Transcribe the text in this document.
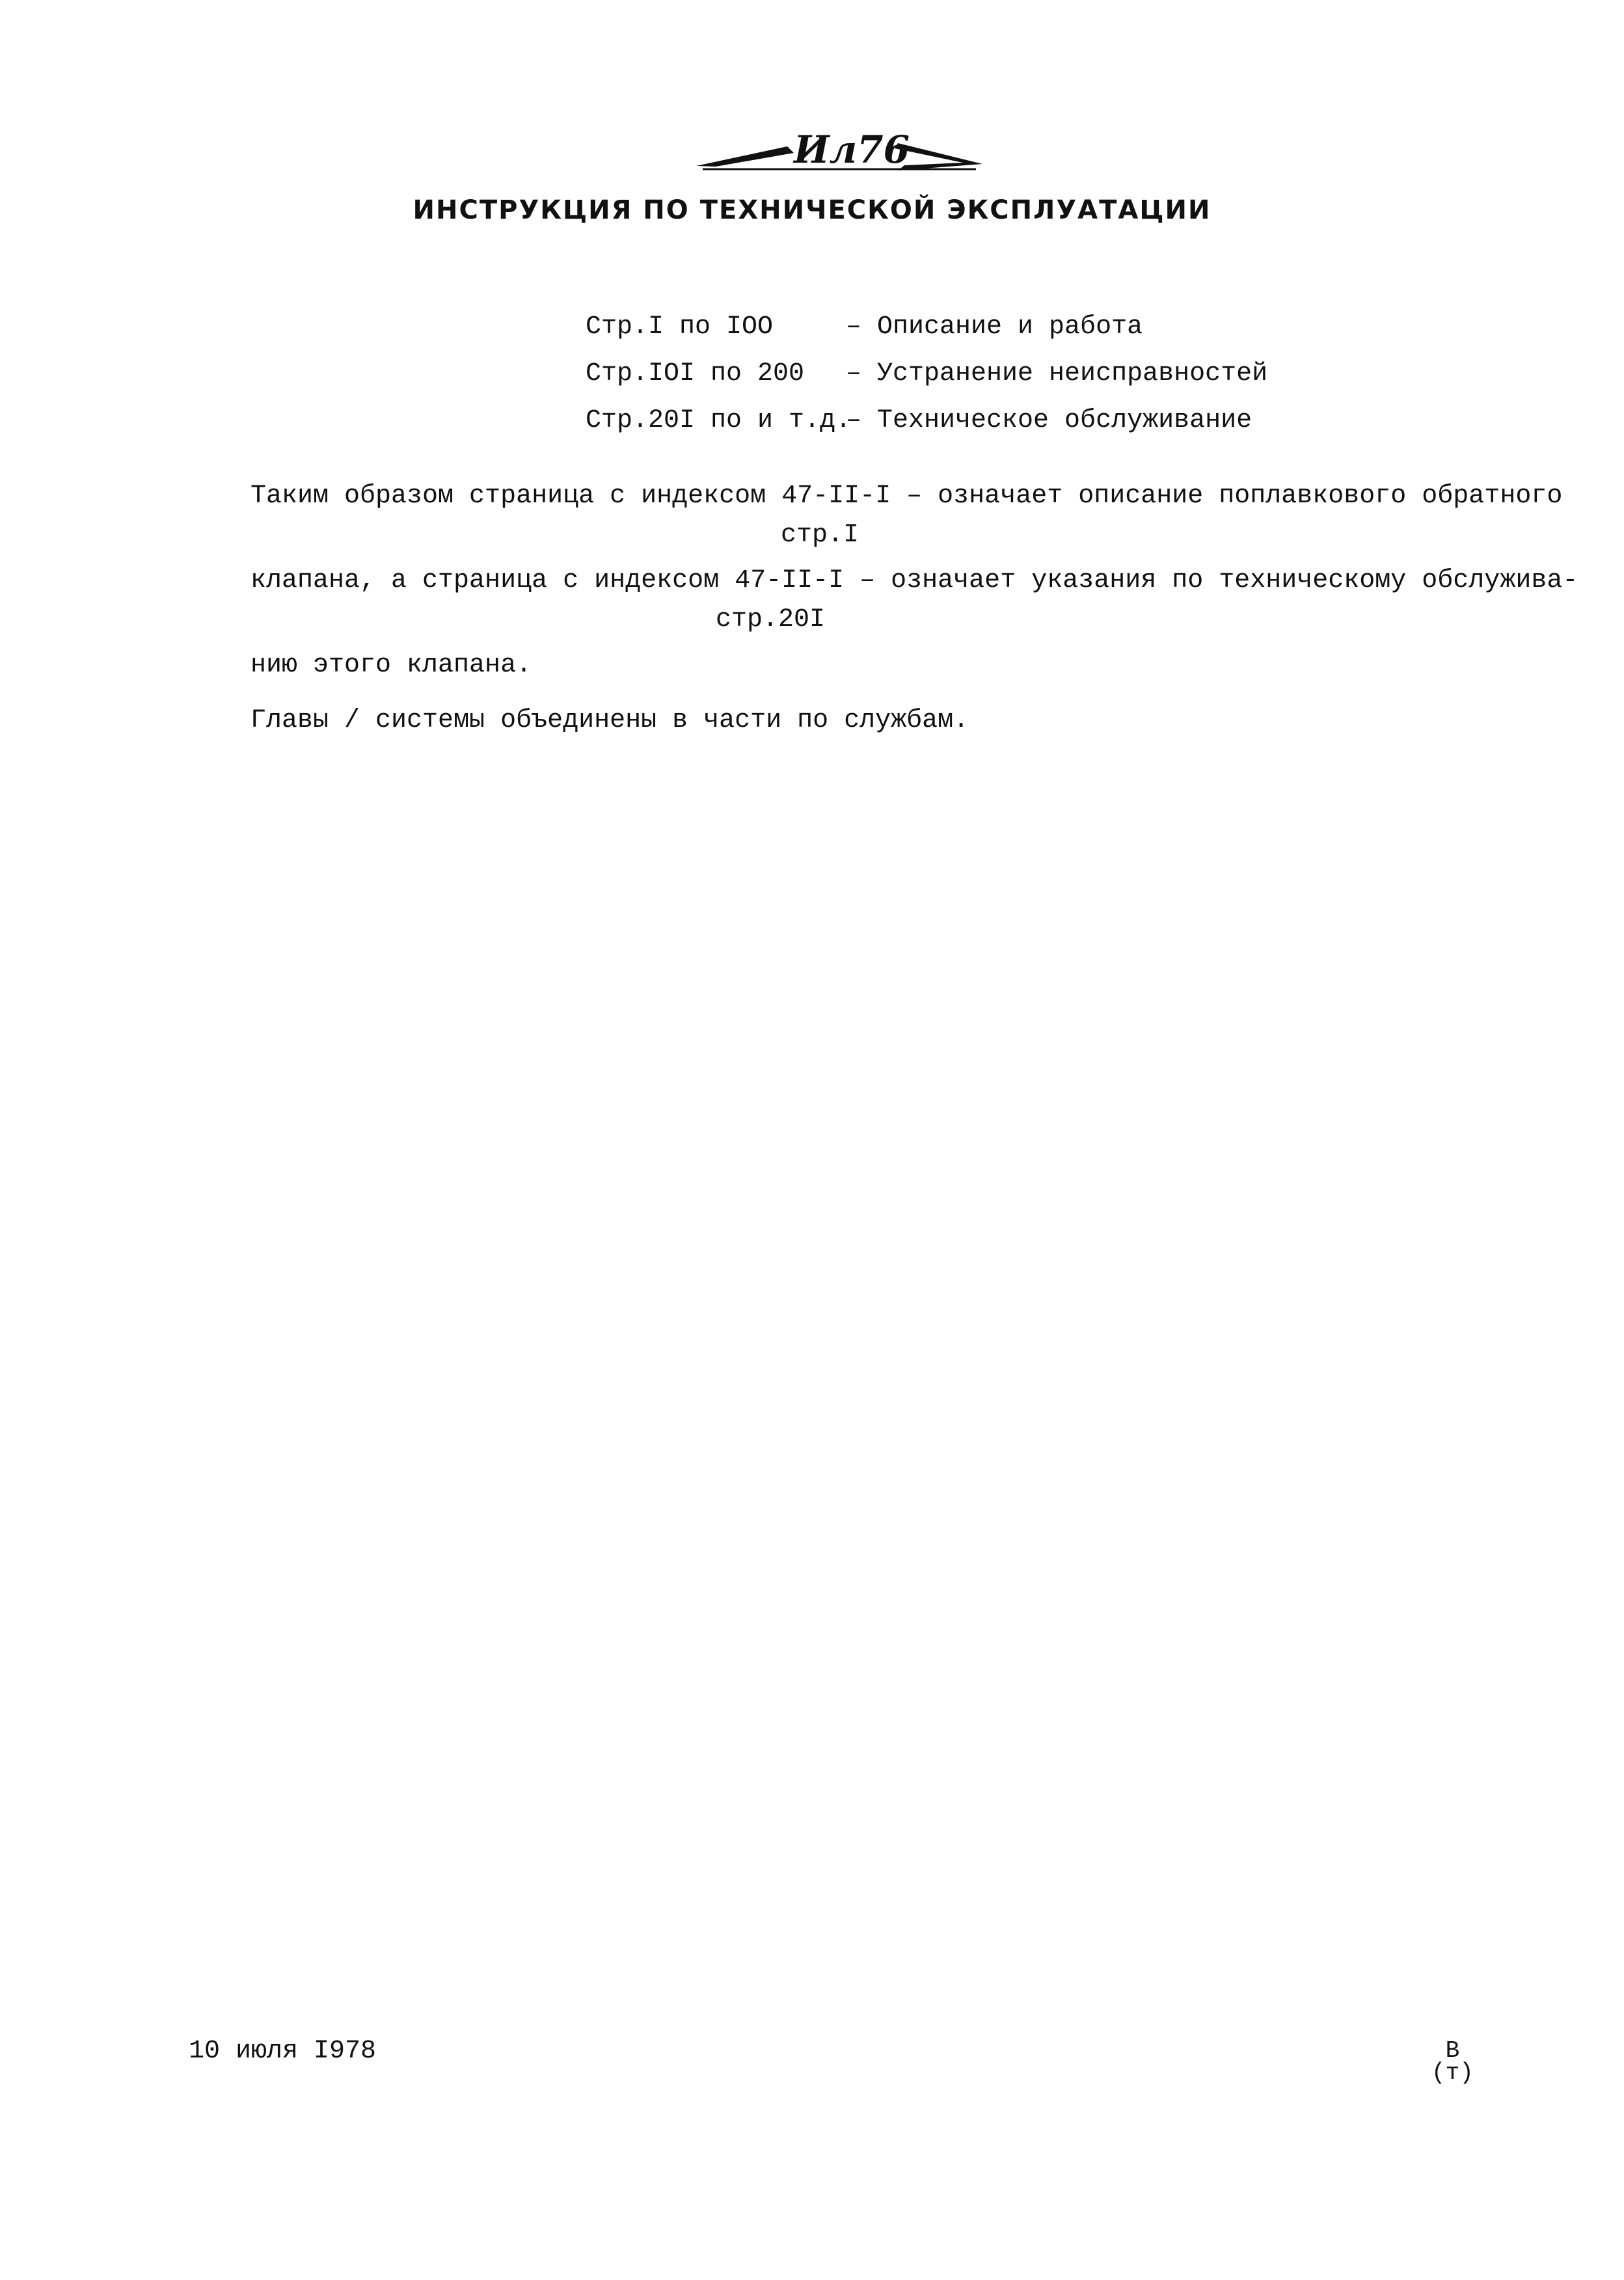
Ил76
ИНСТРУКЦИЯ ПО ТЕХНИЧЕСКОЙ ЭКСПЛУАТАЦИИ
Стр.I по IOO	– Описание и работа
Стр.IOI по 200 – Устранение неисправностей
Стр.20I по и т.д.
– Техническое обслуживание
Таким образом страница с индексом 47-II-I – означает описание поплавкового обратного
стр.I
клапана, а страница с индексом 47-II-I – означает указания по техническому обслужива-
стр.20I
нию этого клапана.
Главы / системы объединены в части по службам.
10 июля I978	В
(т)
